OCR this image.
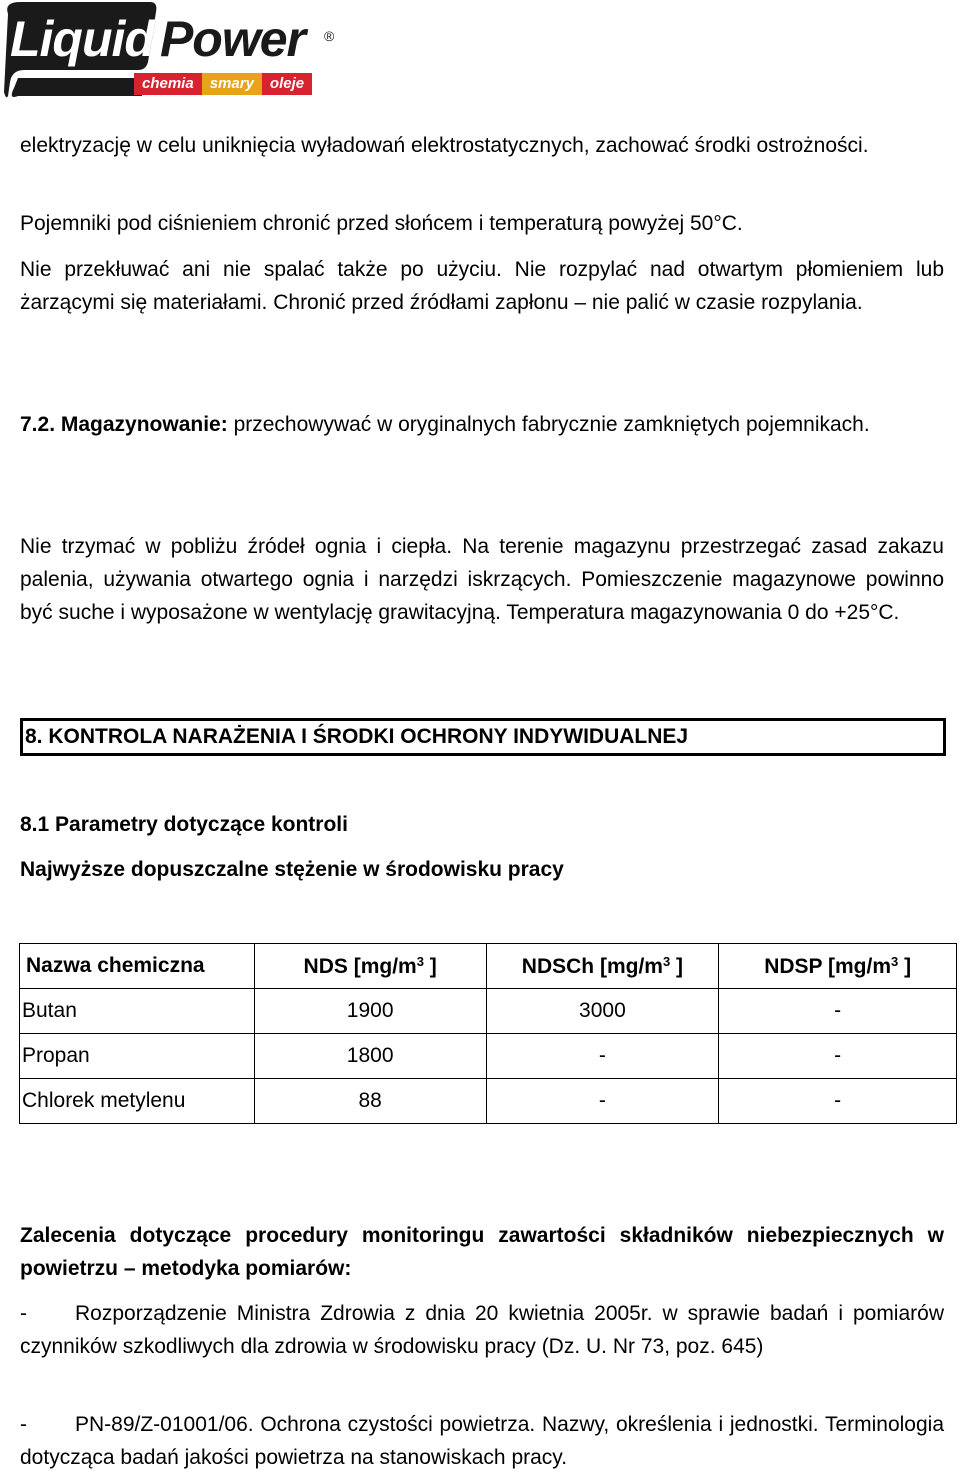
Liquid Power ®
chemia	smary	oleje
elektryzację w celu uniknięcia wyładowań elektrostatycznych, zachować środki ostrożności.
Pojemniki pod ciśnieniem chronić przed słońcem i temperaturą powyżej 50°C.
Nie przekłuwać ani nie spalać także po użyciu. Nie rozpylać nad otwartym płomieniem lub żarzącymi się materiałami. Chronić przed źródłami zapłonu – nie palić w czasie rozpylania.
7.2. Magazynowanie: przechowywać w oryginalnych fabrycznie zamkniętych pojemnikach.
Nie trzymać w pobliżu źródeł ognia i ciepła. Na terenie magazynu przestrzegać zasad zakazu palenia, używania otwartego ognia i narzędzi iskrzących. Pomieszczenie magazynowe powinno być suche i wyposażone w wentylację grawitacyjną. Temperatura magazynowania 0 do +25°C.
8. KONTROLA NARAŻENIA I ŚRODKI OCHRONY INDYWIDUALNEJ
8.1 Parametry dotyczące kontroli
Najwyższe dopuszczalne stężenie w środowisku pracy
Nazwa chemiczna	NDS [$mg/m^3$ ]	NDSCh [$mg/m^3$ ]	NDSP [$mg/m^3$ ]
Butan	1900	3000	-
Propan	1800	-	-
Chlorek metylenu	88	-	-
Zalecenia dotyczące procedury monitoringu zawartości składników niebezpiecznych w powietrzu – metodyka pomiarów:
- Rozporządzenie Ministra Zdrowia z dnia 20 kwietnia 2005r. w sprawie badań i pomiarów czynników szkodliwych dla zdrowia w środowisku pracy (Dz. U. Nr 73, poz. 645)
- PN-89/Z-01001/06. Ochrona czystości powietrza. Nazwy, określenia i jednostki. Terminologia dotycząca badań jakości powietrza na stanowiskach pracy.
